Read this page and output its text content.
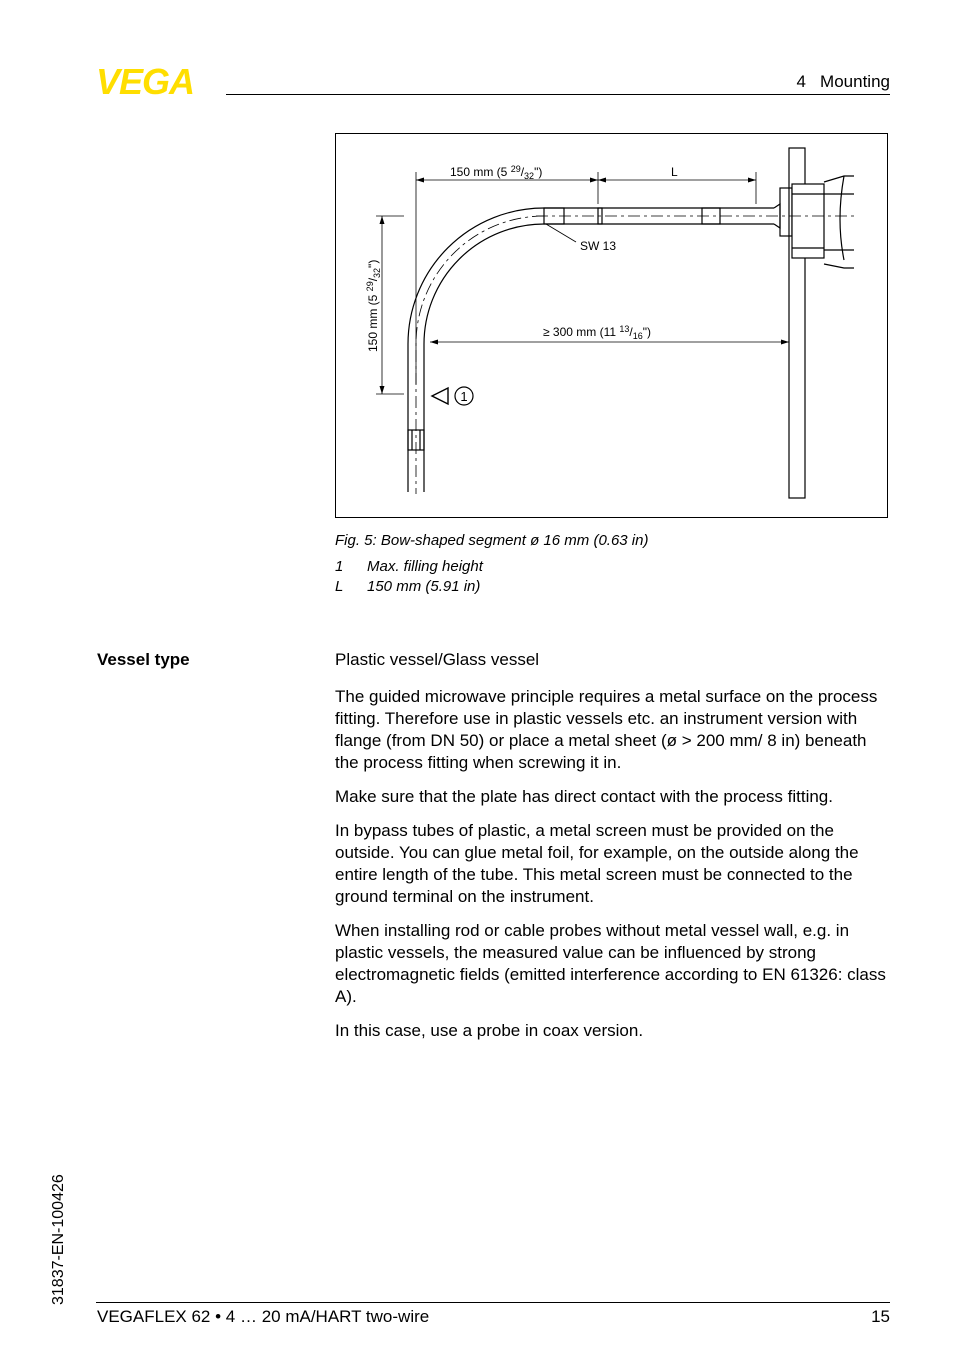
VEGA	4   Mounting
150 mm (5 $^{29}/_{32}$")	L
150 mm (5 $^{29}/_{32}$")
≥ 300 mm (11 $^{13}/_{16}$")
SW 13
1
Fig. 5: Bow-shaped segment ø 16 mm (0.63 in)
1	Max. filling height
L	150 mm (5.91 in)
Vessel type	Plastic vessel/Glass vessel

The guided microwave principle requires a metal surface on the process fitting. Therefore use in plastic vessels etc. an instrument version with flange (from DN 50) or place a metal sheet (ø > 200 mm/ 8 in) beneath the process fitting when screwing it in.

Make sure that the plate has direct contact with the process fitting.

In bypass tubes of plastic, a metal screen must be provided on the outside. You can glue metal foil, for example, on the outside along the entire length of the tube. This metal screen must be connected to the ground terminal on the instrument.

When installing rod or cable probes without metal vessel wall, e.g. in plastic vessels, the measured value can be influenced by strong electromagnetic fields (emitted interference according to EN 61326: class A).

In this case, use a probe in coax version.

31837-EN-100426
VEGAFLEX 62 • 4 … 20 mA/HART two-wire	15
